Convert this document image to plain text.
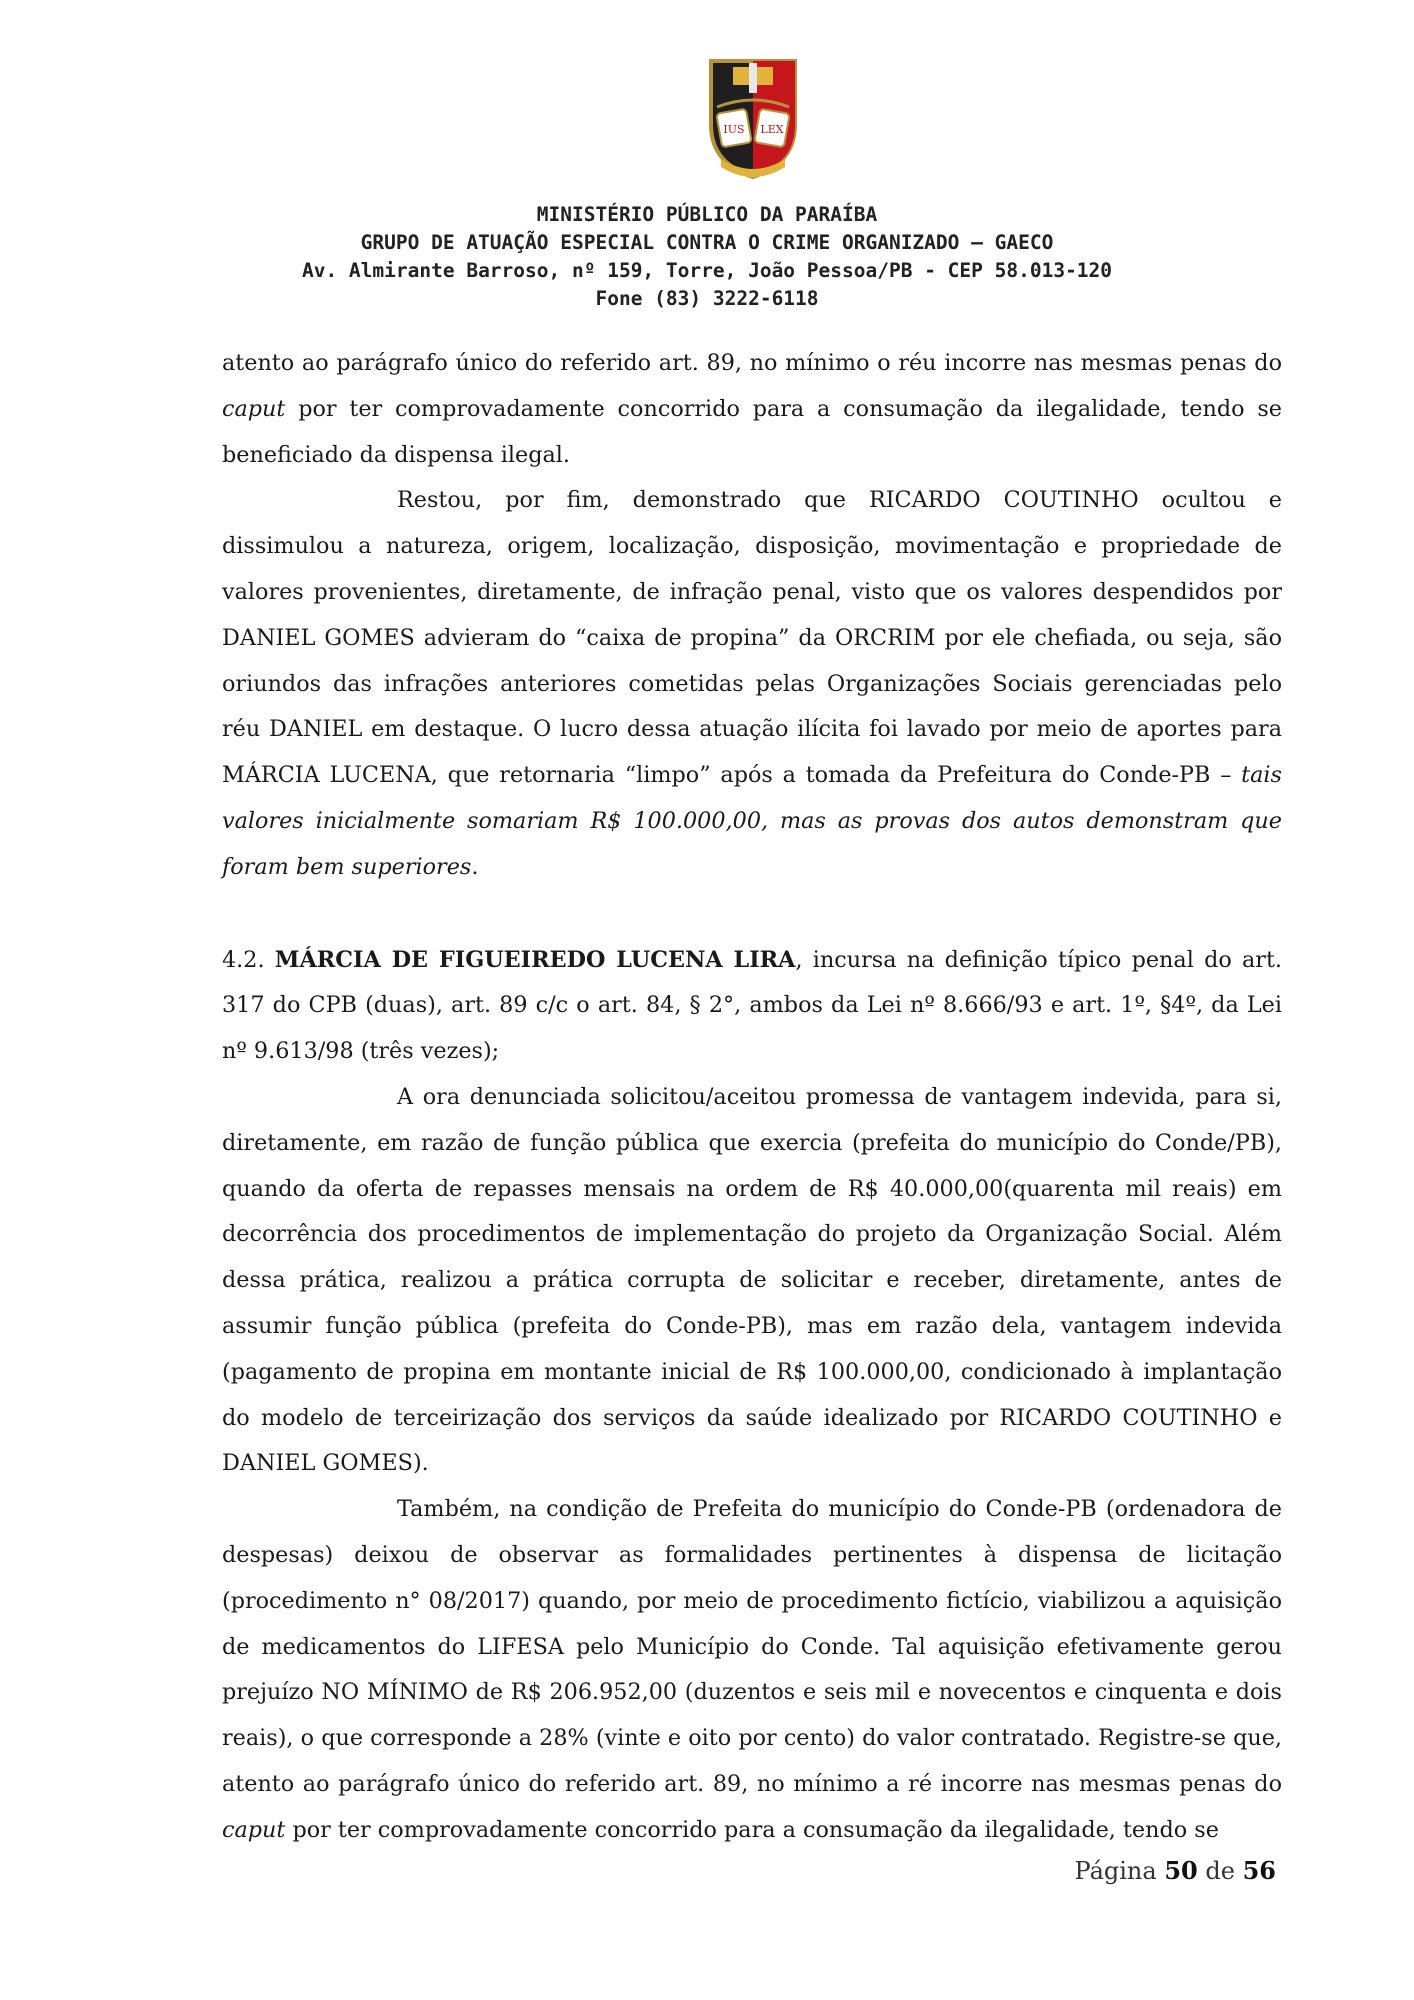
IUS LEX
MINISTÉRIO PÚBLICO DA PARAÍBA
GRUPO DE ATUAÇÃO ESPECIAL CONTRA O CRIME ORGANIZADO – GAECO
Av. Almirante Barroso, nº 159, Torre, João Pessoa/PB - CEP 58.013-120
Fone (83) 3222-6118

atento ao parágrafo único do referido art. 89, no mínimo o réu incorre nas mesmas penas do caput por ter comprovadamente concorrido para a consumação da ilegalidade, tendo se beneficiado da dispensa ilegal.

Restou, por fim, demonstrado que RICARDO COUTINHO ocultou e dissimulou a natureza, origem, localização, disposição, movimentação e propriedade de valores provenientes, diretamente, de infração penal, visto que os valores despendidos por DANIEL GOMES advieram do “caixa de propina” da ORCRIM por ele chefiada, ou seja, são oriundos das infrações anteriores cometidas pelas Organizações Sociais gerenciadas pelo réu DANIEL em destaque. O lucro dessa atuação ilícita foi lavado por meio de aportes para MÁRCIA LUCENA, que retornaria “limpo” após a tomada da Prefeitura do Conde-PB – tais valores inicialmente somariam R$ 100.000,00, mas as provas dos autos demonstram que foram bem superiores.

4.2. MÁRCIA DE FIGUEIREDO LUCENA LIRA, incursa na definição típico penal do art. 317 do CPB (duas), art. 89 c/c o art. 84, § 2°, ambos da Lei nº 8.666/93 e art. 1º, §4º, da Lei nº 9.613/98 (três vezes);

A ora denunciada solicitou/aceitou promessa de vantagem indevida, para si, diretamente, em razão de função pública que exercia (prefeita do município do Conde/PB), quando da oferta de repasses mensais na ordem de R$ 40.000,00(quarenta mil reais) em decorrência dos procedimentos de implementação do projeto da Organização Social. Além dessa prática, realizou a prática corrupta de solicitar e receber, diretamente, antes de assumir função pública (prefeita do Conde-PB), mas em razão dela, vantagem indevida (pagamento de propina em montante inicial de R$ 100.000,00, condicionado à implantação do modelo de terceirização dos serviços da saúde idealizado por RICARDO COUTINHO e DANIEL GOMES).

Também, na condição de Prefeita do município do Conde-PB (ordenadora de despesas) deixou de observar as formalidades pertinentes à dispensa de licitação (procedimento n° 08/2017) quando, por meio de procedimento fictício, viabilizou a aquisição de medicamentos do LIFESA pelo Município do Conde. Tal aquisição efetivamente gerou prejuízo NO MÍNIMO de R$ 206.952,00 (duzentos e seis mil e novecentos e cinquenta e dois reais), o que corresponde a 28% (vinte e oito por cento) do valor contratado. Registre-se que, atento ao parágrafo único do referido art. 89, no mínimo a ré incorre nas mesmas penas do caput por ter comprovadamente concorrido para a consumação da ilegalidade, tendo se

Página 50 de 56
